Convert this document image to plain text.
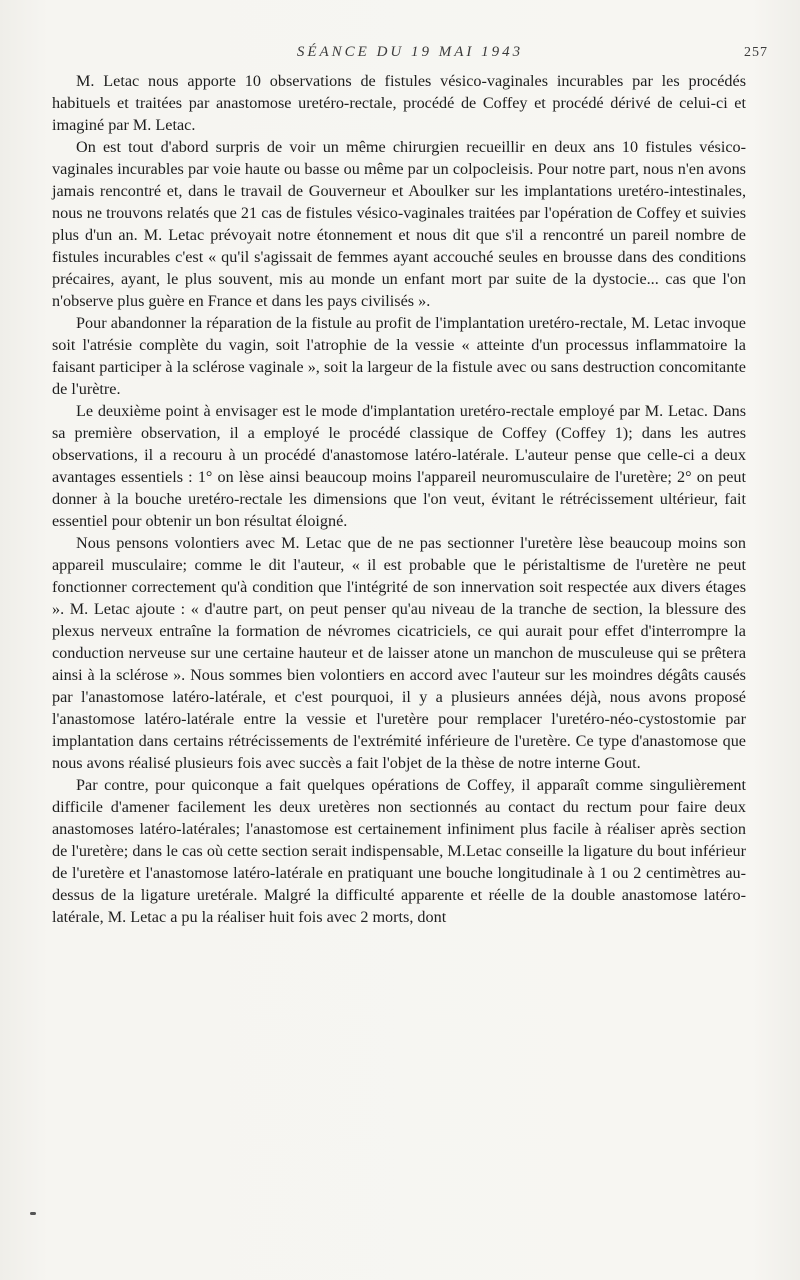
SÉANCE DU 19 MAI 1943	257

M. Letac nous apporte 10 observations de fistules vésico-vaginales incurables par les procédés habituels et traitées par anastomose uretéro-rectale, procédé de Coffey et procédé dérivé de celui-ci et imaginé par M. Letac.

On est tout d'abord surpris de voir un même chirurgien recueillir en deux ans 10 fistules vésico-vaginales incurables par voie haute ou basse ou même par un colpocleisis. Pour notre part, nous n'en avons jamais rencontré et, dans le travail de Gouverneur et Aboulker sur les implantations uretéro-intestinales, nous ne trouvons relatés que 21 cas de fistules vésico-vaginales traitées par l'opération de Coffey et suivies plus d'un an. M. Letac prévoyait notre étonnement et nous dit que s'il a rencontré un pareil nombre de fistules incurables c'est « qu'il s'agissait de femmes ayant accouché seules en brousse dans des conditions précaires, ayant, le plus souvent, mis au monde un enfant mort par suite de la dystocie... cas que l'on n'observe plus guère en France et dans les pays civilisés ».

Pour abandonner la réparation de la fistule au profit de l'implantation uretéro-rectale, M. Letac invoque soit l'atrésie complète du vagin, soit l'atrophie de la vessie « atteinte d'un processus inflammatoire la faisant participer à la sclérose vaginale », soit la largeur de la fistule avec ou sans destruction concomitante de l'urètre.

Le deuxième point à envisager est le mode d'implantation uretéro-rectale employé par M. Letac. Dans sa première observation, il a employé le procédé classique de Coffey (Coffey 1); dans les autres observations, il a recouru à un procédé d'anastomose latéro-latérale. L'auteur pense que celle-ci a deux avantages essentiels : 1° on lèse ainsi beaucoup moins l'appareil neuromusculaire de l'uretère; 2° on peut donner à la bouche uretéro-rectale les dimensions que l'on veut, évitant le rétrécissement ultérieur, fait essentiel pour obtenir un bon résultat éloigné.

Nous pensons volontiers avec M. Letac que de ne pas sectionner l'uretère lèse beaucoup moins son appareil musculaire; comme le dit l'auteur, « il est probable que le péristaltisme de l'uretère ne peut fonctionner correctement qu'à condition que l'intégrité de son innervation soit respectée aux divers étages ». M. Letac ajoute : « d'autre part, on peut penser qu'au niveau de la tranche de section, la blessure des plexus nerveux entraîne la formation de névromes cicatriciels, ce qui aurait pour effet d'interrompre la conduction nerveuse sur une certaine hauteur et de laisser atone un manchon de musculeuse qui se prêtera ainsi à la sclérose ». Nous sommes bien volontiers en accord avec l'auteur sur les moindres dégâts causés par l'anastomose latéro-latérale, et c'est pourquoi, il y a plusieurs années déjà, nous avons proposé l'anastomose latéro-latérale entre la vessie et l'uretère pour remplacer l'uretéro-néo-cystostomie par implantation dans certains rétrécissements de l'extrémité inférieure de l'uretère. Ce type d'anastomose que nous avons réalisé plusieurs fois avec succès a fait l'objet de la thèse de notre interne Gout.

Par contre, pour quiconque a fait quelques opérations de Coffey, il apparaît comme singulièrement difficile d'amener facilement les deux uretères non sectionnés au contact du rectum pour faire deux anastomoses latéro-latérales; l'anastomose est certainement infiniment plus facile à réaliser après section de l'uretère; dans le cas où cette section serait indispensable, M.Letac conseille la ligature du bout inférieur de l'uretère et l'anastomose latéro-latérale en pratiquant une bouche longitudinale à 1 ou 2 centimètres au-dessus de la ligature uretérale. Malgré la difficulté apparente et réelle de la double anastomose latéro-latérale, M. Letac a pu la réaliser huit fois avec 2 morts, dont
